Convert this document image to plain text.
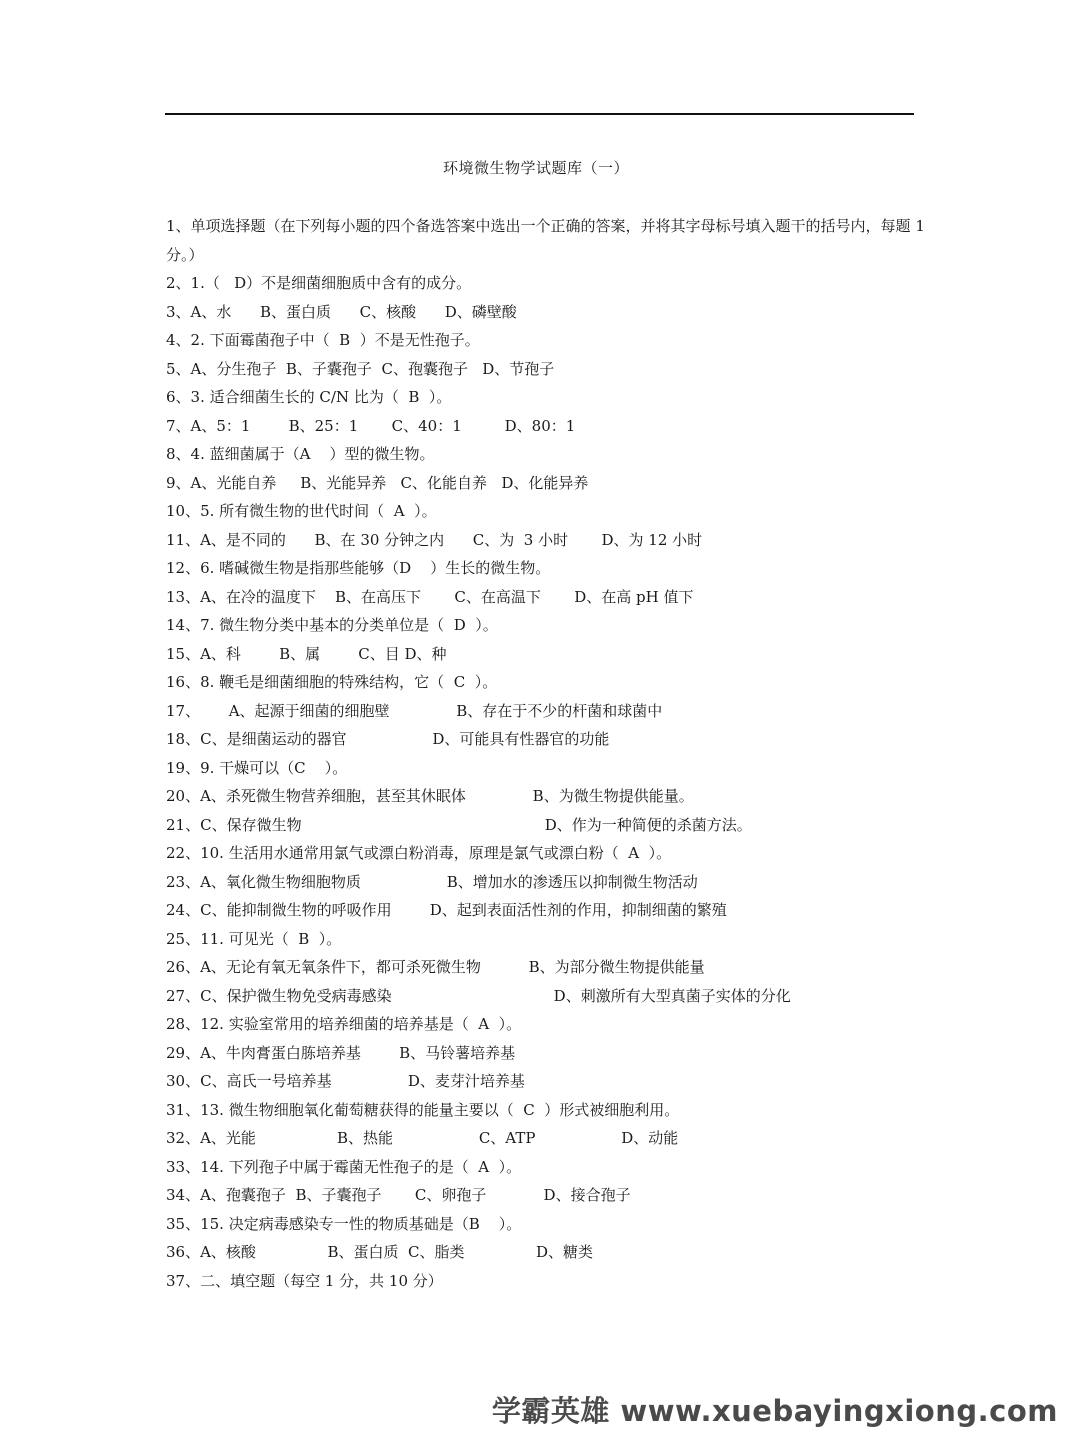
环境微生物学试题库（一）

1、单项选择题（在下列每小题的四个备选答案中选出一个正确的答案，并将其字母标号填入题干的括号内，每题 1 分。）

2、1.（   D）不是细菌细胞质中含有的成分。

3、A、水      B、蛋白质      C、核酸      D、磷壁酸

4、2. 下面霉菌孢子中（  B  ）不是无性孢子。

5、A、分生孢子  B、子囊孢子  C、孢囊孢子   D、节孢子

6、3. 适合细菌生长的 C/N 比为（  B  ）。

7、A、5：1        B、25：1       C、40：1         D、80：1

8、4. 蓝细菌属于（A    ）型的微生物。

9、A、光能自养     B、光能异养   C、化能自养   D、化能异养

10、5. 所有微生物的世代时间（  A  ）。

11、A、是不同的      B、在 30 分钟之内      C、为  3 小时       D、为 12 小时

12、6. 嗜碱微生物是指那些能够（D    ）生长的微生物。

13、A、在冷的温度下    B、在高压下       C、在高温下       D、在高 pH 值下

14、7. 微生物分类中基本的分类单位是（  D  ）。

15、A、科        B、属        C、目 D、种

16、8. 鞭毛是细菌细胞的特殊结构，它（  C  ）。

17、      A、起源于细菌的细胞壁              B、存在于不少的杆菌和球菌中

18、C、是细菌运动的器官                  D、可能具有性器官的功能

19、9. 干燥可以（C    ）。

20、A、杀死微生物营养细胞，甚至其休眠体              B、为微生物提供能量。

21、C、保存微生物                                                   D、作为一种简便的杀菌方法。

22、10. 生活用水通常用氯气或漂白粉消毒，原理是氯气或漂白粉（  A  ）。

23、A、氧化微生物细胞物质                  B、增加水的渗透压以抑制微生物活动

24、C、能抑制微生物的呼吸作用        D、起到表面活性剂的作用，抑制细菌的繁殖

25、11. 可见光（  B  ）。

26、A、无论有氧无氧条件下，都可杀死微生物          B、为部分微生物提供能量

27、C、保护微生物免受病毒感染                                  D、刺激所有大型真菌子实体的分化

28、12. 实验室常用的培养细菌的培养基是（  A  ）。

29、A、牛肉膏蛋白胨培养基        B、马铃薯培养基

30、C、高氏一号培养基                D、麦芽汁培养基

31、13. 微生物细胞氧化葡萄糖获得的能量主要以（  C  ）形式被细胞利用。

32、A、光能                 B、热能                  C、ATP                  D、动能

33、14. 下列孢子中属于霉菌无性孢子的是（  A  ）。

34、A、孢囊孢子  B、子囊孢子       C、卵孢子            D、接合孢子

35、15. 决定病毒感染专一性的物质基础是（B    ）。

36、A、核酸               B、蛋白质  C、脂类               D、糖类

37、二、填空题（每空 1 分，共 10 分）

学霸英雄 www.xuebayingxiong.com
